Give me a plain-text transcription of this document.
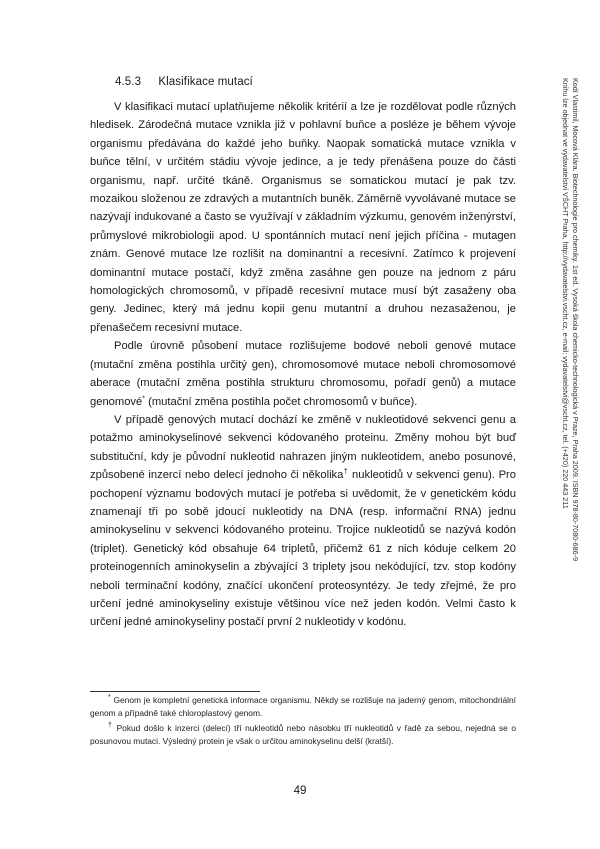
4.5.3 Klasifikace mutací

V klasifikaci mutací uplatňujeme několik kritérií a lze je rozdělovat podle různých hledisek. Zárodečná mutace vznikla již v pohlavní buňce a posléze je během vývoje organismu předávána do každé jeho buňky. Naopak somatická mutace vznikla v buňce tělní, v určitém stádiu vývoje jedince, a je tedy přenášena pouze do části organismu, např. určité tkáně. Organismus se somatickou mutací je pak tzv. mozaikou složenou ze zdravých a mutantních buněk. Záměrně vyvolávané mutace se nazývají indukované a často se využívají v základním výzkumu, genovém inženýrství, průmyslové mikrobiologii apod. U spontánních mutací není jejich příčina - mutagen znám. Genové mutace lze rozlišit na dominantní a recesivní. Zatímco k projevení dominantní mutace postačí, když změna zasáhne gen pouze na jednom z páru homologických chromosomů, v případě recesivní mutace musí být zasaženy oba geny. Jedinec, který má jednu kopii genu mutantní a druhou nezasaženou, je přenašečem recesivní mutace.

Podle úrovně působení mutace rozlišujeme bodové neboli genové mutace (mutační změna postihla určitý gen), chromosomové mutace neboli chromosomové aberace (mutační změna postihla strukturu chromosomu, pořadí genů) a mutace genomové* (mutační změna postihla počet chromosomů v buňce).

V případě genových mutací dochází ke změně v nukleotidové sekvenci genu a potažmo aminokyselinové sekvenci kódovaného proteinu. Změny mohou být buď substituční, kdy je původní nukleotid nahrazen jiným nukleotidem, anebo posunové, způsobené inzercí nebo delecí jednoho či několika† nukleotidů v sekvenci genu). Pro pochopení významu bodových mutací je potřeba si uvědomit, že v genetickém kódu znamenají tři po sobě jdoucí nukleotidy na DNA (resp. informační RNA) jednu aminokyselinu v sekvenci kódovaného proteinu. Trojice nukleotidů se nazývá kodón (triplet). Genetický kód obsahuje 64 tripletů, přičemž 61 z nich kóduje celkem 20 proteinogenních aminokyselin a zbývající 3 triplety jsou nekódující, tzv. stop kodóny neboli terminační kodóny, značící ukončení proteosyntézy. Je tedy zřejmé, že pro určení jedné aminokyseliny existuje většinou více než jeden kodón. Velmi často k určení jedné aminokyseliny postačí první 2 nukleotidy v kodónu.

* Genom je kompletní genetická informace organismu. Někdy se rozlišuje na jaderný genom, mitochondriální genom a případně také chloroplastový genom.

† Pokud došlo k inzerci (delecí) tří nukleotidů nebo násobku tří nukleotidů v řadě za sebou, nejedná se o posunovou mutaci. Výsledný protein je však o určitou aminokyselinu delší (kratší).

49
Kodí Vlastimil, Mocová Klára. Biotechnologie pro chemiky. 1st ed. Vysoká škola chemicko-technologická v Praze, Praha 2009. ISBN 978-80-7080-686-9
Knihu lze objednat ve vydavatelství VŠCHT Praha, http://vydavatelstvi.vscht.cz, e-mail: vydavatelstvi@vscht.cz, tel. (+420) 220 443 211
